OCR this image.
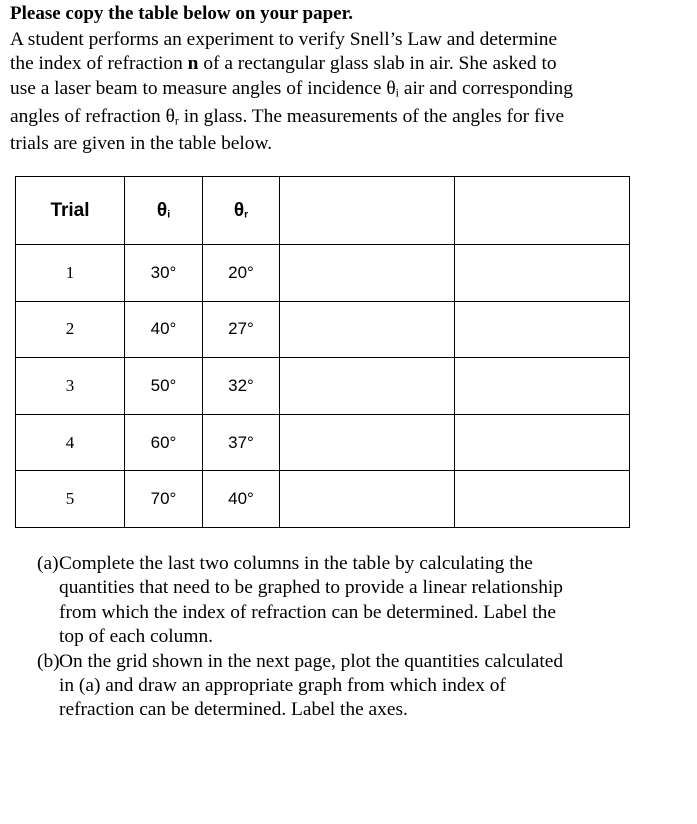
Please copy the table below on your paper.
A student performs an experiment to verify Snell’s Law and determine
the index of refraction n of a rectangular glass slab in air. She asked to
use a laser beam to measure angles of incidence $\theta_i$ air and corresponding
angles of refraction $\theta_r$ in glass. The measurements of the angles for five
trials are given in the table below.
Trial	θi	θr		
1	30°	20°		
2	40°	27°		
3	50°	32°		
4	60°	37°		
5	70°	40°		
(a) Complete the last two columns in the table by calculating the
quantities that need to be graphed to provide a linear relationship
from which the index of refraction can be determined. Label the
top of each column.
(b) On the grid shown in the next page, plot the quantities calculated
in (a) and draw an appropriate graph from which index of
refraction can be determined. Label the axes.
